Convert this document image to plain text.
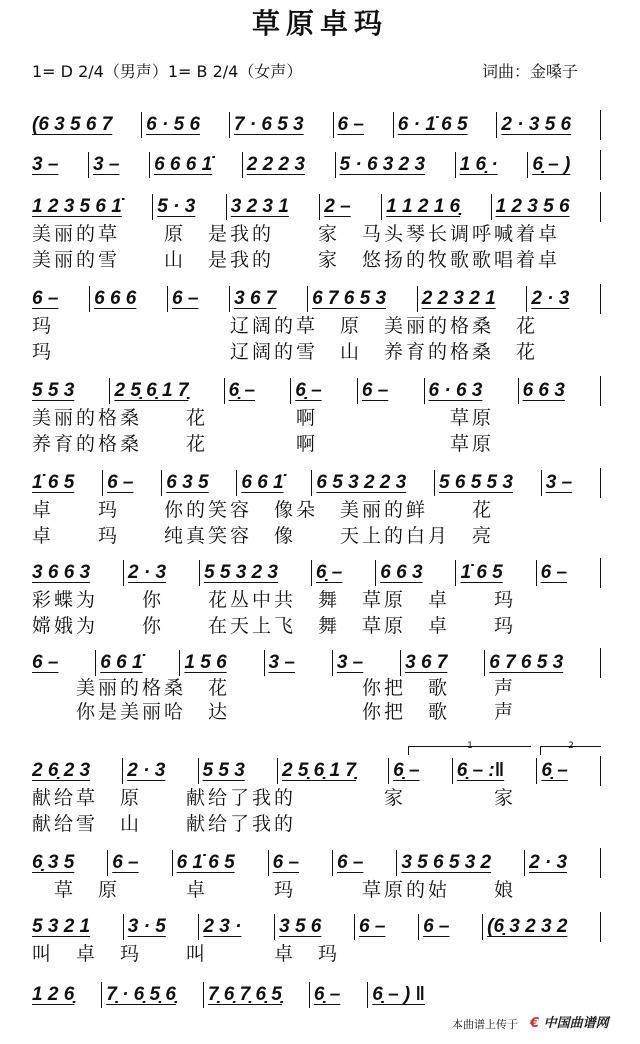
草原卓玛
1= D 2/4（男声）1= B 2/4（女声）	词曲：金嗓子
(6 3 5 6 7	6 · 5 6	7 · 6 5 3	6 –	6 · 1̇ 6 5	2 · 3 5 6
3 –	3 –	6 6 6 1̇	2 2 2 3	5 · 6 3 2 3	1 6̣ ·	6̣ – )
1 2 3 5 6 1̇	5 · 3	3 2 3 1	2 –	1 1 2 1 6̣	1 2 3 5 6
美丽的草　　原　是我的　　家　马头琴长调呼喊着卓
美丽的雪　　山　是我的　　家　悠扬的牧歌歌唱着卓
6 –	6 6 6	6 –	3 6 7	6 7 6 5 3	2 2 3 2 1	2 · 3
玛　　　　　　　　辽阔的草　原　美丽的格桑　花
玛　　　　　　　　辽阔的雪　山　养育的格桑　花
5 5 3	2 5̣ 6̣ 1 7̣	6̣ –	6̣ –	6 –	6 · 6 3	6 6 3
美丽的格桑　　花　　　　啊　　　　　　草原
养育的格桑　　花　　　　啊　　　　　　草原
1̇ 6 5	6 –	6 3 5	6 6 1̇	6 5 3 2 2 3	5 6 5 5 3	3 –
卓　　玛　　你的笑容　像朵　美丽的鲜　　花
卓　　玛　　纯真笑容　像　　天上的白月　亮
3 6 6 3	2 · 3	5 5 3 2 3	6̣ –	6 6 3	1̇ 6 5	6 –
彩蝶为　　你　　花丛中共　舞　草原　卓　　玛
嫦娥为　　你　　在天上飞　舞　草原　卓　　玛
6 –	6 6 1̇	1 5 6	3 –	3 –	3 6 7	6 7 6 5 3
　　美丽的格桑　花　　　　　　你把　歌　　声
　　你是美丽哈　达　　　　　　你把　歌　　声
2 6̣ 2 3	2 · 3	5 5 3	2 5̣ 6̣ 1 7̣	6̣ –	6̣ – :‖	6̣ –
献给草　原　　献给了我的　　　　家　　　　家
献给雪　山　　献给了我的
1	2
6̣ 3 5	6 –	6 1̇ 6 5	6 –	6 –	3 5 6 5 3 2	2 · 3
　草　原　　　卓　　　玛　　　草原的姑　　娘
5 3 2 1	3 · 5	2 3 ·	3 5 6	6 –	6 –	(6̣ 3 2 3 2
叫　卓　玛　　叫　　　卓　玛
1 2 6̣	7̣ · 6̣ 5̣ 6̣	7̣ 6̣ 7̣ 6̣ 5̣	6̣ –	6̣ – ) ‖
本曲谱上传于 € 中国曲谱网
